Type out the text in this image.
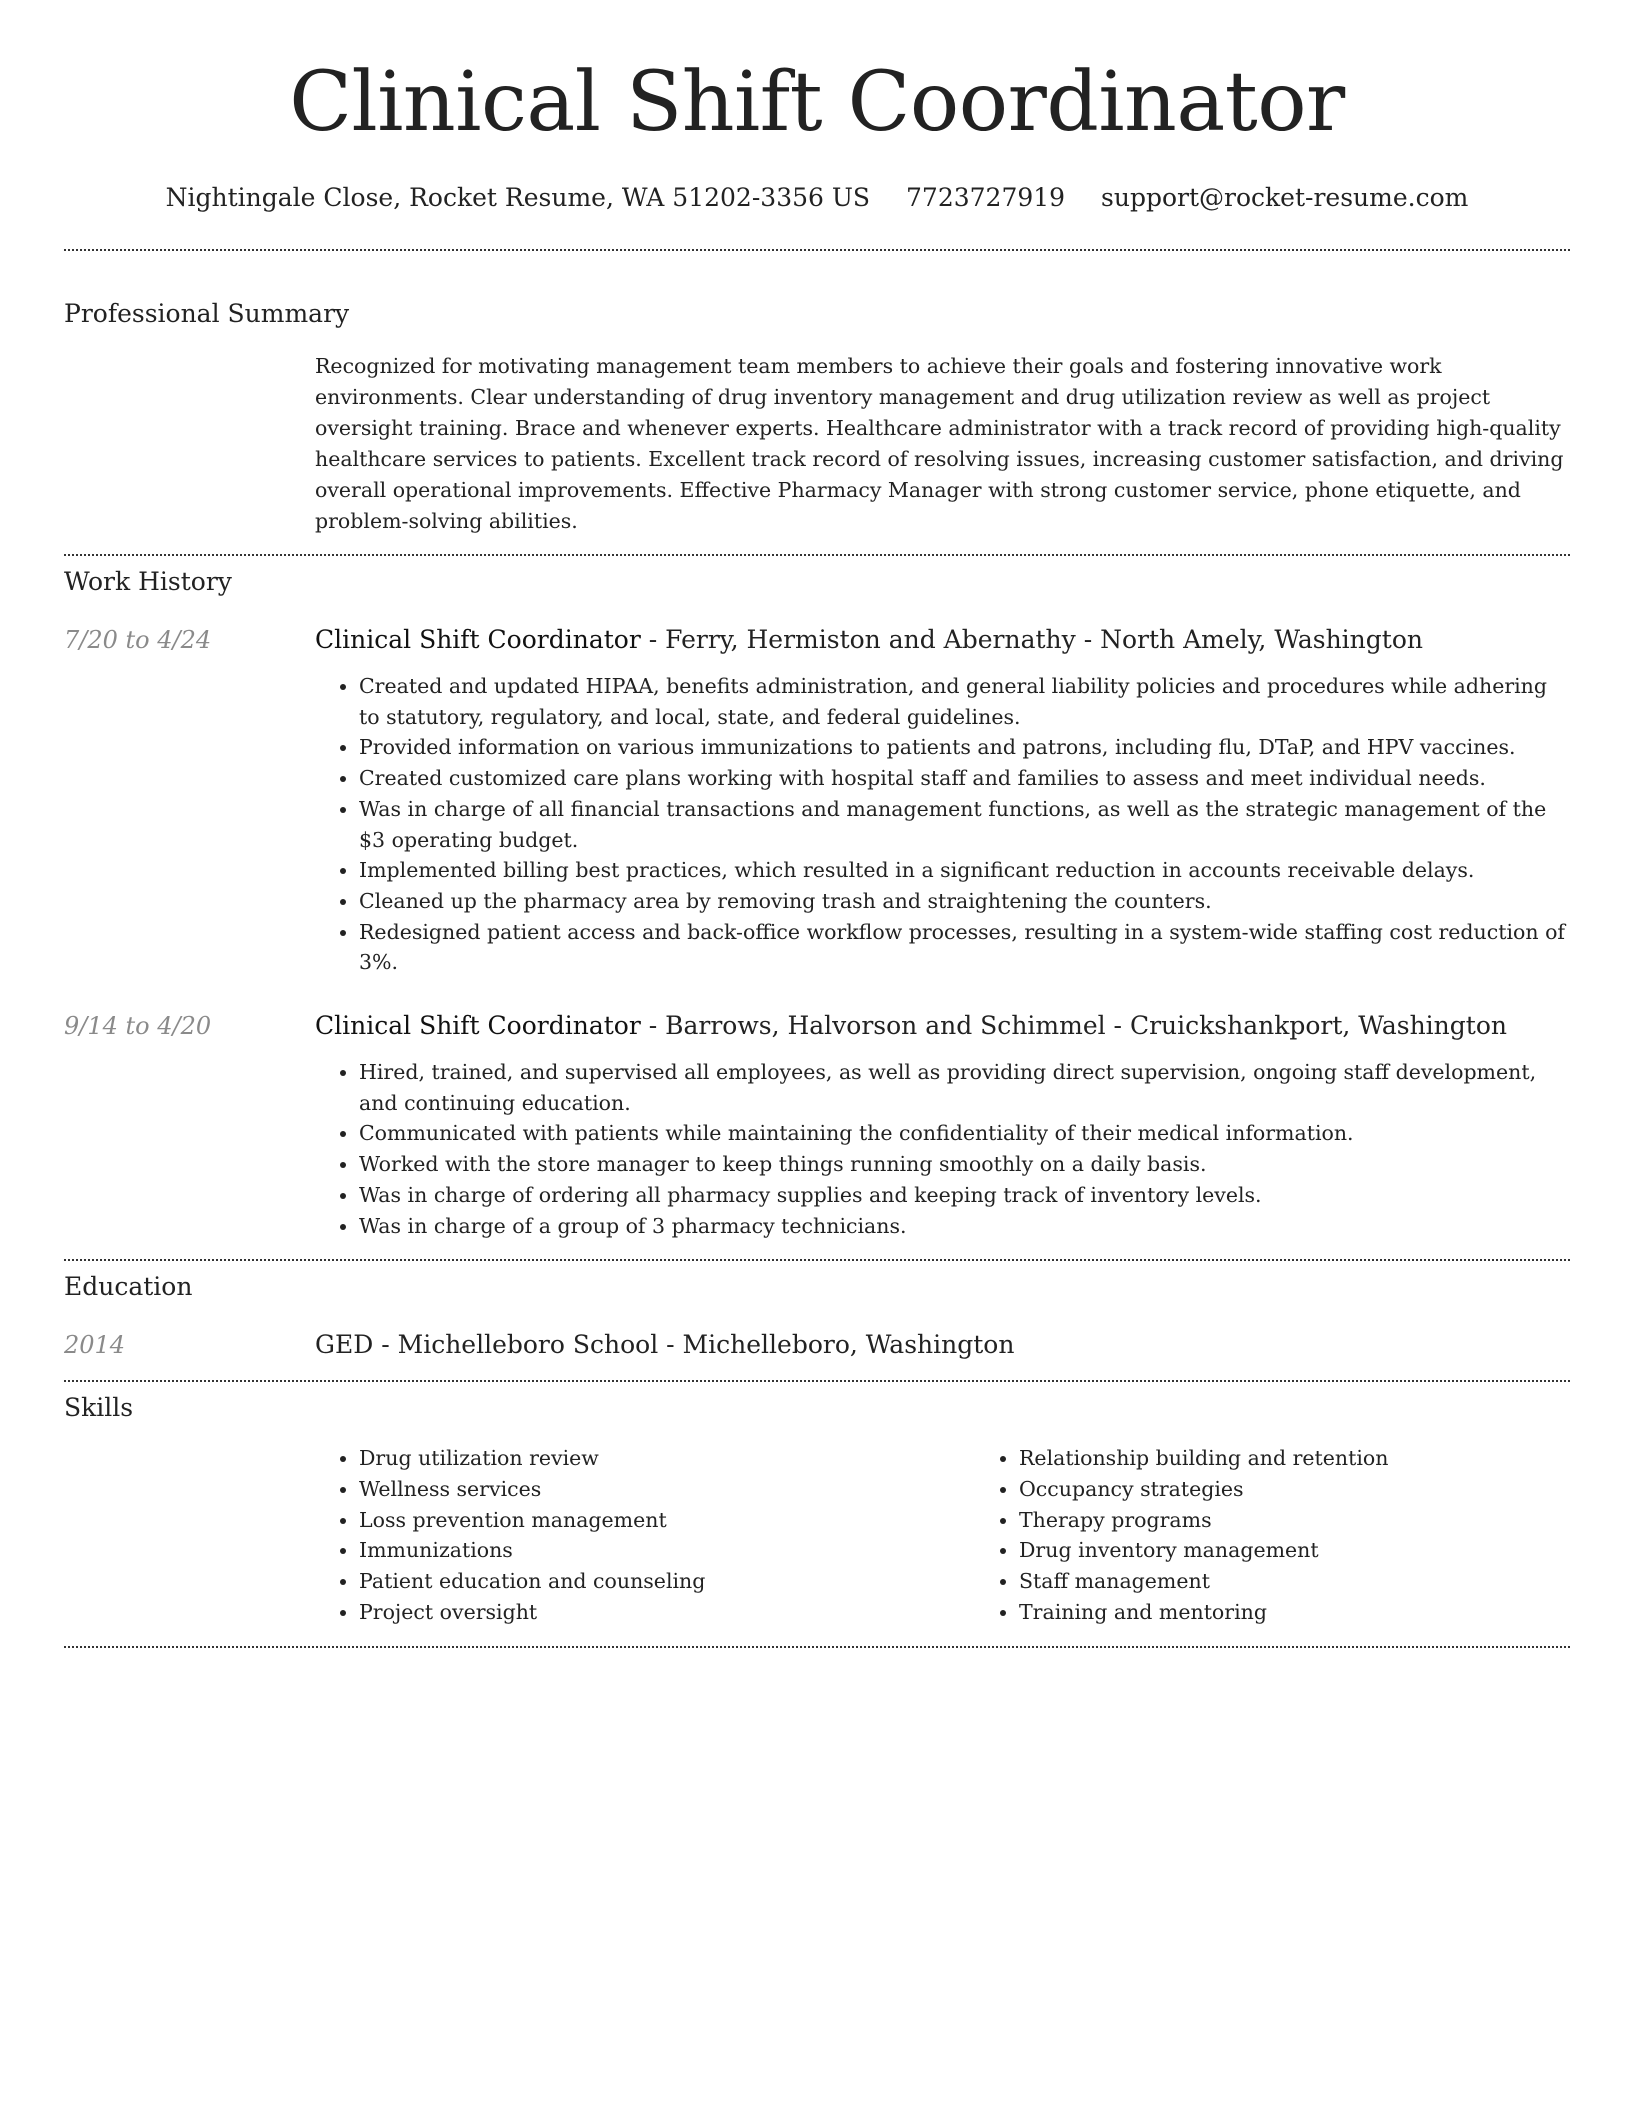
Clinical Shift Coordinator
Nightingale Close, Rocket Resume, WA 51202-3356 US 7723727919 support@rocket-resume.com
Professional Summary
Recognized for motivating management team members to achieve their goals and fostering innovative work environments. Clear understanding of drug inventory management and drug utilization review as well as project oversight training. Brace and whenever experts. Healthcare administrator with a track record of providing high-quality healthcare services to patients. Excellent track record of resolving issues, increasing customer satisfaction, and driving overall operational improvements. Effective Pharmacy Manager with strong customer service, phone etiquette, and problem-solving abilities.
Work History
7/20 to 4/24	Clinical Shift Coordinator - Ferry, Hermiston and Abernathy - North Amely, Washington
• Created and updated HIPAA, benefits administration, and general liability policies and procedures while adhering to statutory, regulatory, and local, state, and federal guidelines.
• Provided information on various immunizations to patients and patrons, including flu, DTaP, and HPV vaccines.
• Created customized care plans working with hospital staff and families to assess and meet individual needs.
• Was in charge of all financial transactions and management functions, as well as the strategic management of the $3 operating budget.
• Implemented billing best practices, which resulted in a significant reduction in accounts receivable delays.
• Cleaned up the pharmacy area by removing trash and straightening the counters.
• Redesigned patient access and back-office workflow processes, resulting in a system-wide staffing cost reduction of 3%.
9/14 to 4/20	Clinical Shift Coordinator - Barrows, Halvorson and Schimmel - Cruickshankport, Washington
• Hired, trained, and supervised all employees, as well as providing direct supervision, ongoing staff development, and continuing education.
• Communicated with patients while maintaining the confidentiality of their medical information.
• Worked with the store manager to keep things running smoothly on a daily basis.
• Was in charge of ordering all pharmacy supplies and keeping track of inventory levels.
• Was in charge of a group of 3 pharmacy technicians.
Education
2014	GED - Michelleboro School - Michelleboro, Washington
Skills
• Drug utilization review
• Wellness services
• Loss prevention management
• Immunizations
• Patient education and counseling
• Project oversight
• Relationship building and retention
• Occupancy strategies
• Therapy programs
• Drug inventory management
• Staff management
• Training and mentoring
